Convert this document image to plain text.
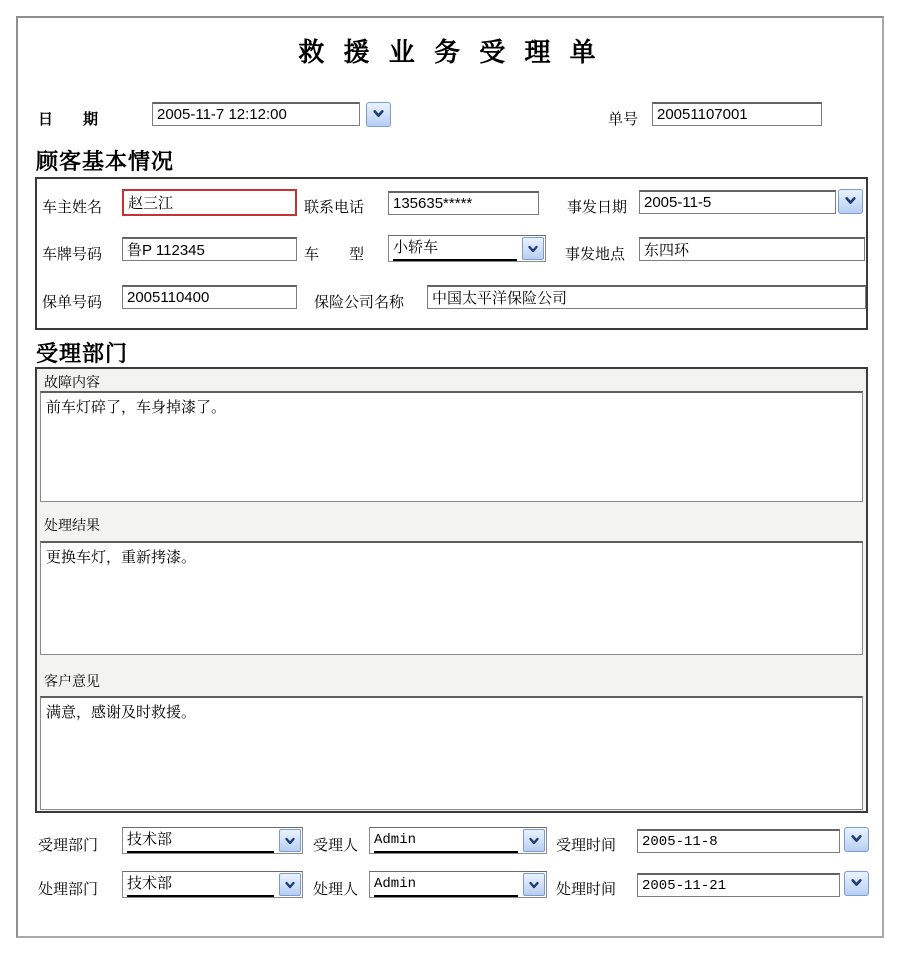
救 援 业 务 受 理 单
日　　期
2005-11-7 12:12:00	单号
20051107001
顾客基本情况
车主姓名
赵三江	联系电话
135635*****	事发日期
2005-11-5
车牌号码
鲁P 112345	车　　型 小轿车	事发地点
东四环
保单号码
2005110400	保险公司名称
中国太平洋保险公司
受理部门
故障内容
前车灯碎了，车身掉漆了。
处理结果
更换车灯，重新拷漆。
客户意见
满意，感谢及时救援。
受理部门 技术部	受理人 Admin	受理时间
2005-11-8
处理部门 技术部	处理人 Admin	处理时间
2005-11-21
